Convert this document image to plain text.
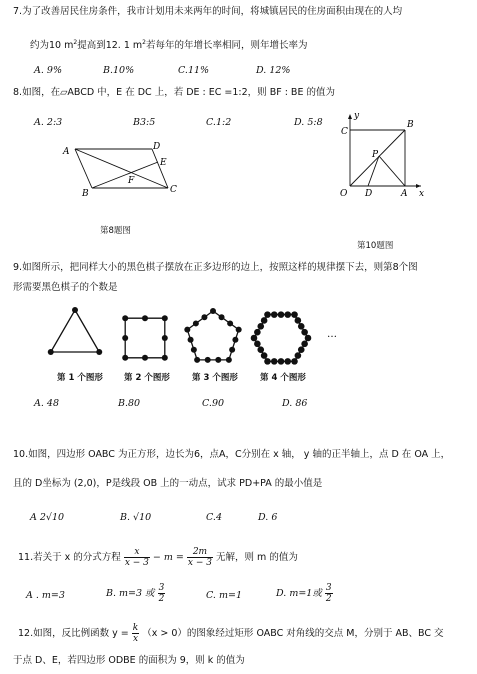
7.为了改善居民住房条件，我市计划用未来两年的时间，将城镇居民的住房面积由现在的人均
约为10 $m^2$提高到12. 1 $m^2$若每年的年增长率相同，则年增长率为
A. 9%	B.10%	C.11%	D. 12%
8.如图，在▱ABCD 中，E 在 DC 上，若 DE : EC =1:2，则 BF : BE 的值为
A. 2:3	B3:5	C.1:2	D. 5:8
A	D
E
F
B	C
第8题图
y
C
B
P
O D	A x
第10题图
9.如图所示，把同样大小的黑色棋子摆放在正多边形的边上，按照这样的规律摆下去，则第8个图
形需要黑色棋子的个数是
…
第 1 个图形 第 2 个图形	第 3 个图形	第 4 个图形
A. 48	B.80	C.90	D. 86
10.如图，四边形 OABC 为正方形，边长为6，点A，C分别在 x 轴， y 轴的正半轴上，点 D 在 OA 上，
且的 D坐标为 (2,0)，P是线段 OB 上的一动点，试求 PD+PA 的最小值是
A 2√10	B. √10	C.4	D. 6
11.若关于 x 的分式方程 $\frac{x}{x - 3} - m = \frac{2m}{x - 3}$ 无解，则 m 的值为
A . m=3	B. m=3 或 $\frac{3}{2}$	C. m=1	D. m=1或 $\frac{3}{2}$
12.如图，反比例函数 $y = \frac{k}{x} (x > 0)$的图象经过矩形 OABC 对角线的交点 M，分别于 AB、BC 交
于点 D、E，若四边形 ODBE 的面积为 9，则 k 的值为
